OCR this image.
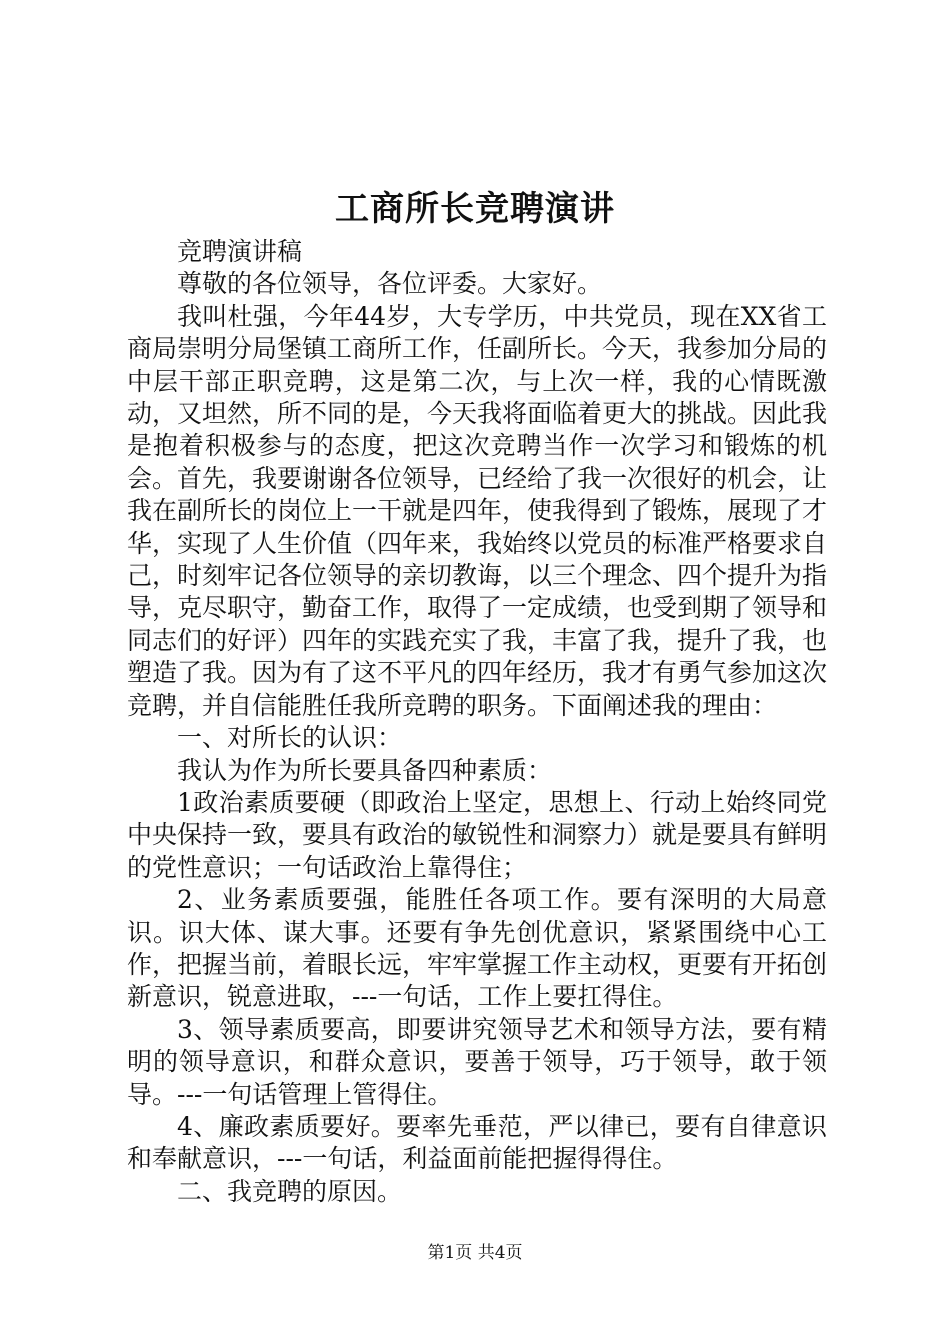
工商所长竞聘演讲

竞聘演讲稿

尊敬的各位领导，各位评委。大家好。

我叫杜强，今年44岁，大专学历，中共党员，现在XX省工商局崇明分局堡镇工商所工作，任副所长。今天，我参加分局的中层干部正职竞聘，这是第二次，与上次一样，我的心情既激动，又坦然，所不同的是，今天我将面临着更大的挑战。因此我是抱着积极参与的态度，把这次竞聘当作一次学习和锻炼的机会。首先，我要谢谢各位领导，已经给了我一次很好的机会，让我在副所长的岗位上一干就是四年，使我得到了锻炼，展现了才华，实现了人生价值（四年来，我始终以党员的标准严格要求自己，时刻牢记各位领导的亲切教诲，以三个理念、四个提升为指导，克尽职守，勤奋工作，取得了一定成绩，也受到期了领导和同志们的好评）四年的实践充实了我，丰富了我，提升了我，也塑造了我。因为有了这不平凡的四年经历，我才有勇气参加这次竞聘，并自信能胜任我所竞聘的职务。下面阐述我的理由：

一、对所长的认识：

我认为作为所长要具备四种素质：

1政治素质要硬（即政治上坚定，思想上、行动上始终同党中央保持一致，要具有政治的敏锐性和洞察力）就是要具有鲜明的党性意识；一句话政治上靠得住；

2、业务素质要强，能胜任各项工作。要有深明的大局意识。识大体、谋大事。还要有争先创优意识，紧紧围绕中心工作，把握当前，着眼长远，牢牢掌握工作主动权，更要有开拓创新意识，锐意进取，---一句话，工作上要扛得住。

3、领导素质要高，即要讲究领导艺术和领导方法，要有精明的领导意识，和群众意识，要善于领导，巧于领导，敢于领导。---一句话管理上管得住。

4、廉政素质要好。要率先垂范，严以律已，要有自律意识和奉献意识，---一句话，利益面前能把握得得住。

二、我竞聘的原因。

第1页 共4页
